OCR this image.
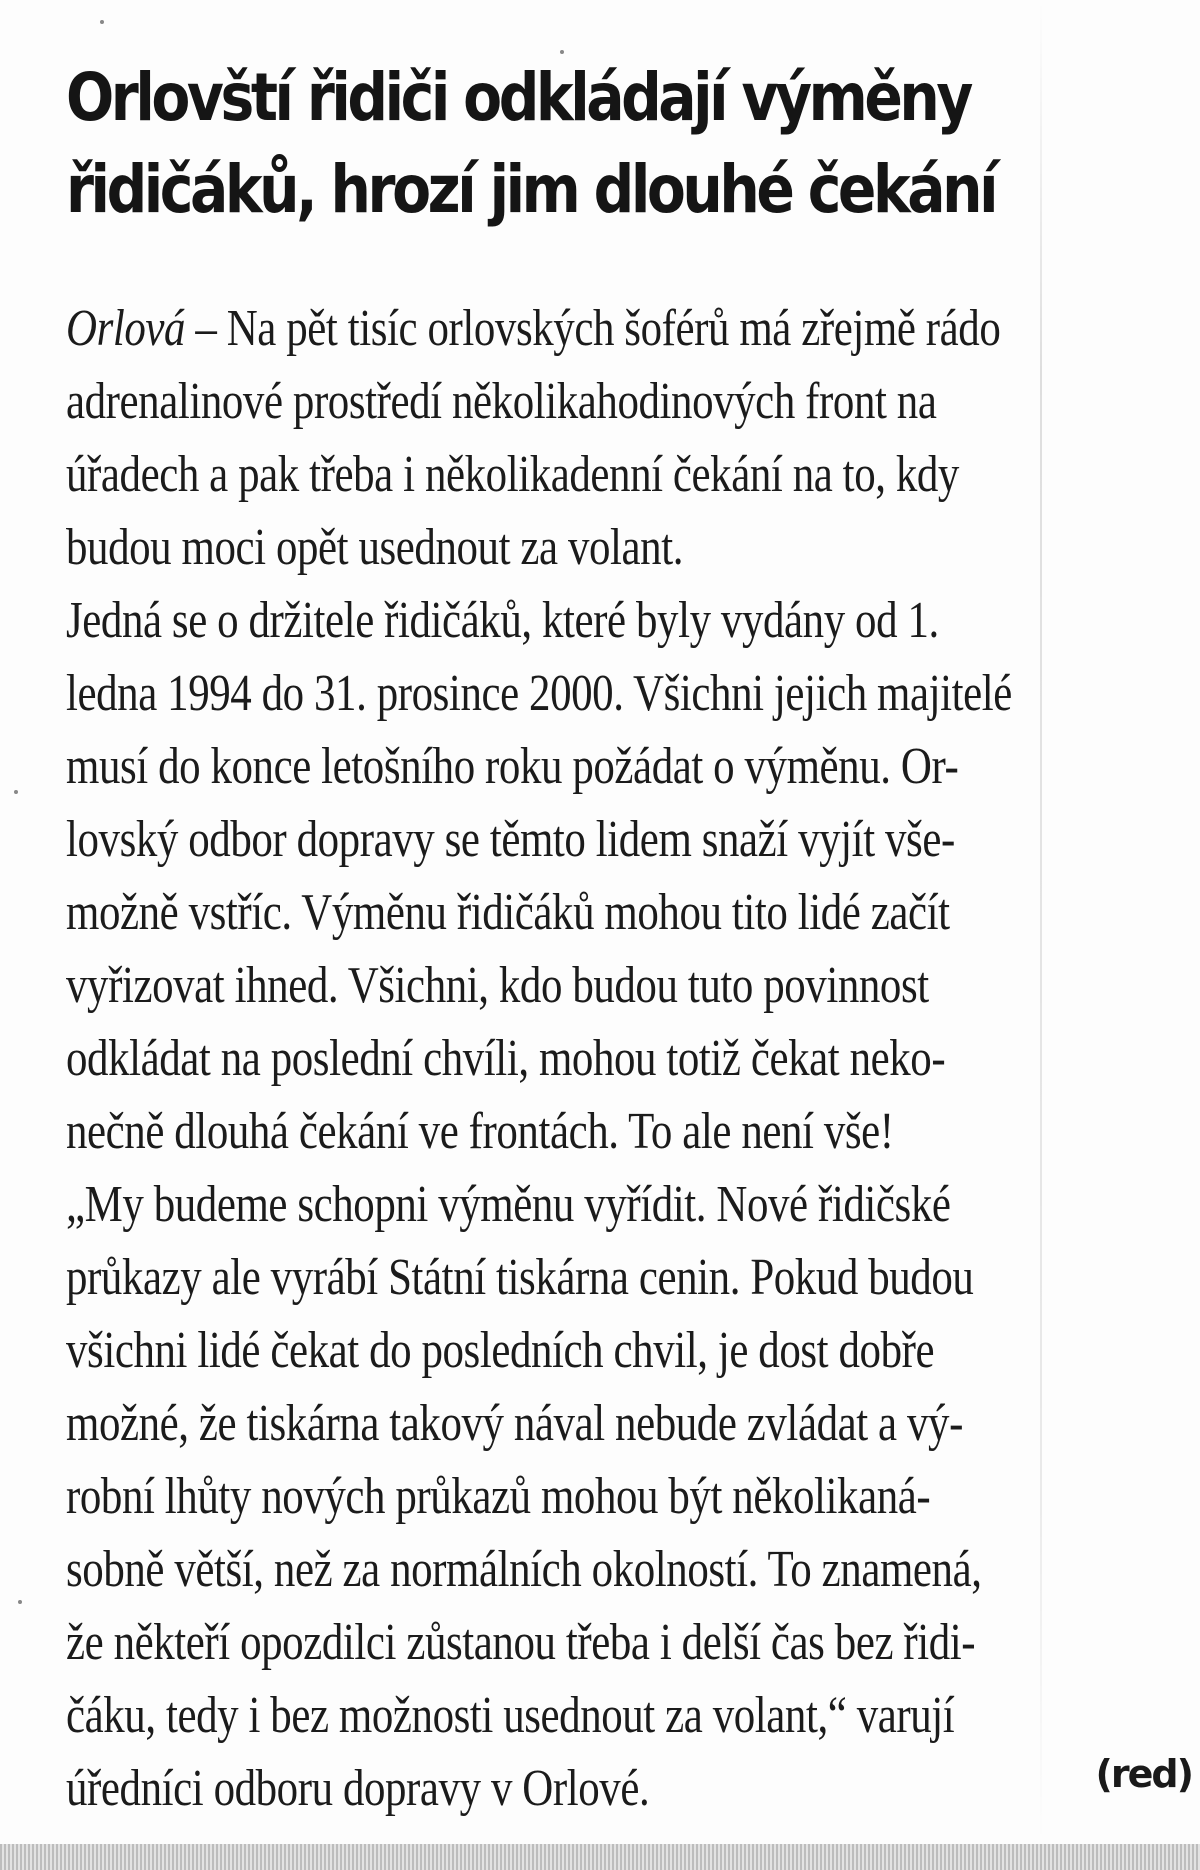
Orlovští řidiči odkládají výměny
řidičáků, hrozí jim dlouhé čekání
Orlová – Na pět tisíc orlovských šoférů má zřejmě rádo
adrenalinové prostředí několikahodinových front na
úřadech a pak třeba i několikadenní čekání na to, kdy
budou moci opět usednout za volant.
Jedná se o držitele řidičáků, které byly vydány od 1.
ledna 1994 do 31. prosince 2000. Všichni jejich majitelé
musí do konce letošního roku požádat o výměnu. Or-
lovský odbor dopravy se těmto lidem snaží vyjít vše-
možně vstříc. Výměnu řidičáků mohou tito lidé začít
vyřizovat ihned. Všichni, kdo budou tuto povinnost
odkládat na poslední chvíli, mohou totiž čekat neko-
nečně dlouhá čekání ve frontách. To ale není vše!
„My budeme schopni výměnu vyřídit. Nové řidičské
průkazy ale vyrábí Státní tiskárna cenin. Pokud budou
všichni lidé čekat do posledních chvil, je dost dobře
možné, že tiskárna takový nával nebude zvládat a vý-
robní lhůty nových průkazů mohou být několikaná-
sobně větší, než za normálních okolností. To znamená,
že někteří opozdilci zůstanou třeba i delší čas bez řidi-
čáku, tedy i bez možnosti usednout za volant,“ varují
úředníci odboru dopravy v Orlové.	(red)
